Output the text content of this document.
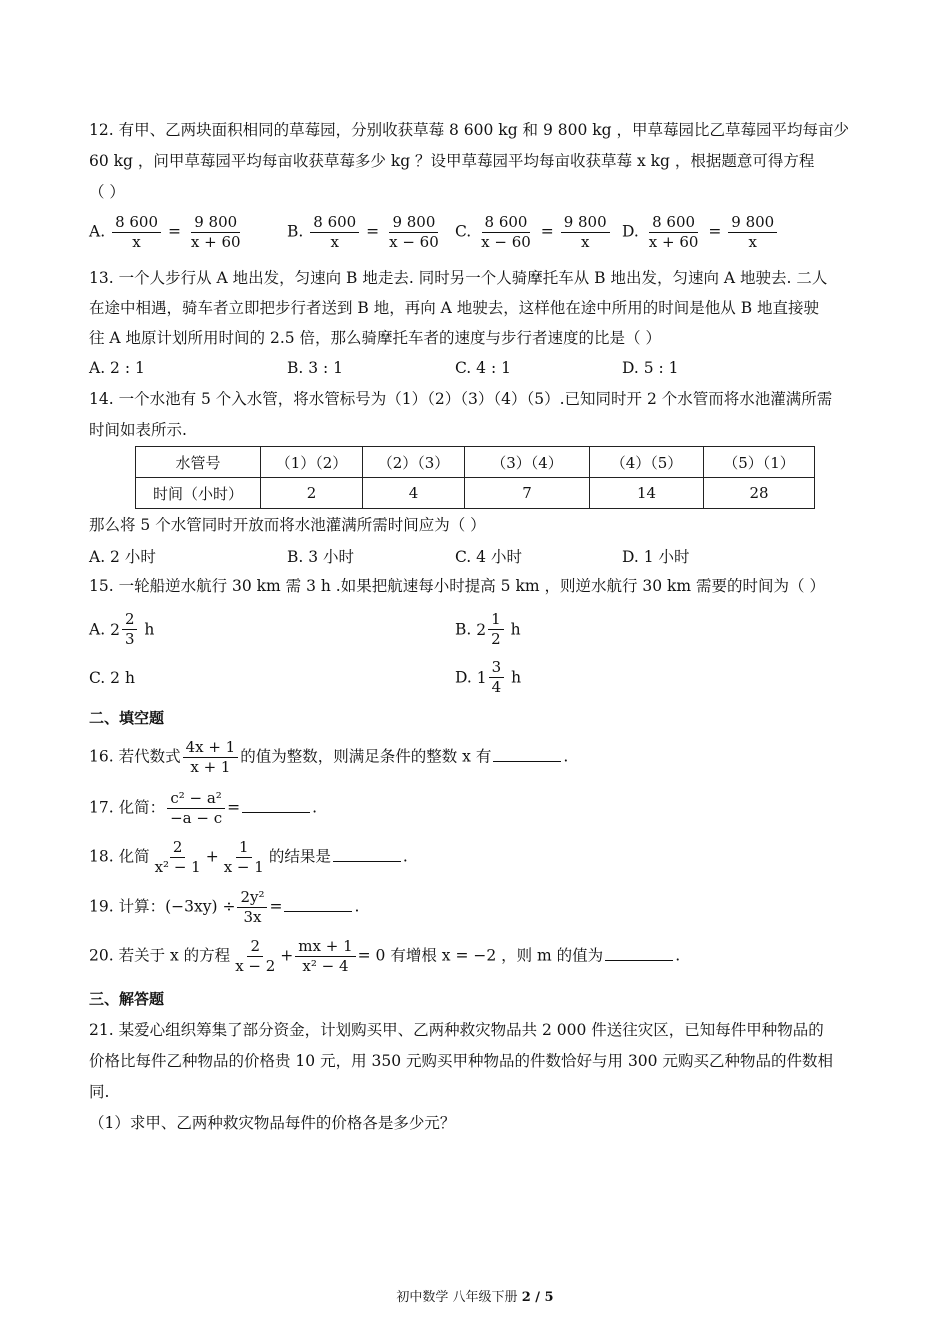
12. 有甲、乙两块面积相同的草莓园，分别收获草莓 8 600 kg 和 9 800 kg ，甲草莓园比乙草莓园平均每亩少
60 kg ，问甲草莓园平均每亩收获草莓多少 kg ？设甲草莓园平均每亩收获草莓 x kg ，根据题意可得方程
（ ）
A. $\frac{8 600}{x} = \frac{9 800}{x + 60}$	B. $\frac{8 600}{x} = \frac{9 800}{x - 60} C$. $\frac{8 600}{x - 60} = \frac{9 800}{x} D$. $\frac{8 600}{x + 60} = \frac{9 800}{x}$
13. 一个人步行从 A 地出发，匀速向 B 地走去. 同时另一个人骑摩托车从 B 地出发，匀速向 A 地驶去. 二人
在途中相遇，骑车者立即把步行者送到 B 地，再向 A 地驶去，这样他在途中所用的时间是他从 B 地直接驶
往 A 地原计划所用时间的 2.5 倍，那么骑摩托车者的速度与步行者速度的比是（ ）
A. 2 : 1	B. 3 : 1	C. 4 : 1	D. 5 : 1
14. 一个水池有 5 个入水管，将水管标号为（1）（2）（3）（4）（5）.已知同时开 2 个水管而将水池灌满所需
时间如表所示.
水管号	（1）（2）	（2）（3）	（3）（4）	（4）（5）	（5）（1）
时间（小时）	2	4	7	14	28
那么将 5 个水管同时开放而将水池灌满所需时间应为（ ）
A. 2 小时	B. 3 小时	C. 4 小时	D. 1 小时
15. 一轮船逆水航行 30 km 需 3 h .如果把航速每小时提高 5 km ，则逆水航行 30 km 需要的时间为（ ）
A. $2 \frac{2}{3}$ h	B. $2 \frac{1}{2}$ h
C. 2 h	D. $1 \frac{3}{4}$ h
二、填空题
16. 若代数式 $\frac{4x + 1}{x + 1}$ 的值为整数，则满足条件的整数 x 有	.
17. 化简： $\frac{\text{c² − a²}}{-a - c}$ =	.
18. 化简 $\frac{2}{\text{x² − 1}} + \frac{1}{x - 1}$ 的结果是	.
19. 计算：$(-3xy) \div \frac{\text{2y²}}{3x}$ =	.
20. 若关于 x 的方程 $\frac{2}{x - 2} + \frac{mx + 1}{\text{x² − 4}} = 0$ 有增根 x = −2 ，则 m 的值为	.
三、解答题
21. 某爱心组织筹集了部分资金，计划购买甲、乙两种救灾物品共 2 000 件送往灾区，已知每件甲种物品的
价格比每件乙种物品的价格贵 10 元，用 350 元购买甲种物品的件数恰好与用 300 元购买乙种物品的件数相
同.
（1）求甲、乙两种救灾物品每件的价格各是多少元？
初中数学 八年级下册 2 / 5
